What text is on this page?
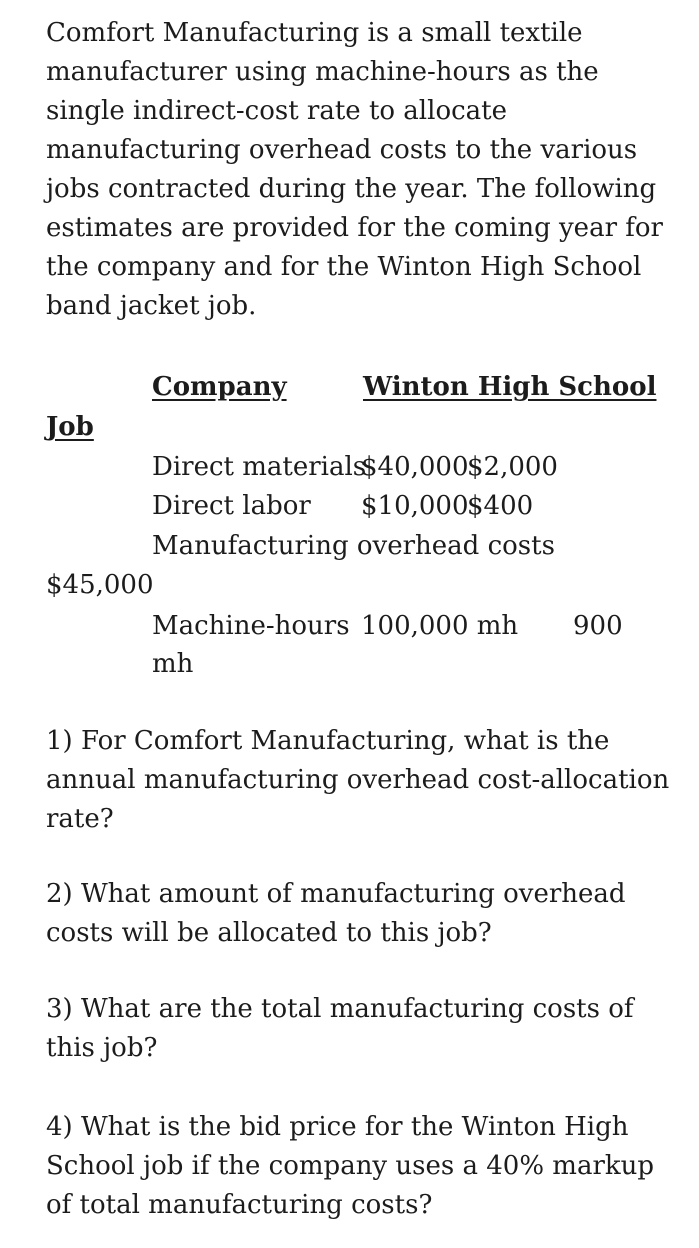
Comfort Manufacturing is a small textile
manufacturer using machine-hours as the
single indirect-cost rate to allocate
manufacturing overhead costs to the various
jobs contracted during the year. The following
estimates are provided for the coming year for
the company and for the Winton High School
band jacket job.
Company	Winton High School
Job
Direct materials
$40,000
$2,000
Direct labor $10,000
$400
Manufacturing overhead costs
$45,000
Machine-hours 100,000 mh 900
mh
1) For Comfort Manufacturing, what is the
annual manufacturing overhead cost-allocation
rate?
2) What amount of manufacturing overhead
costs will be allocated to this job?
3) What are the total manufacturing costs of
this job?
4) What is the bid price for the Winton High
School job if the company uses a 40% markup
of total manufacturing costs?
